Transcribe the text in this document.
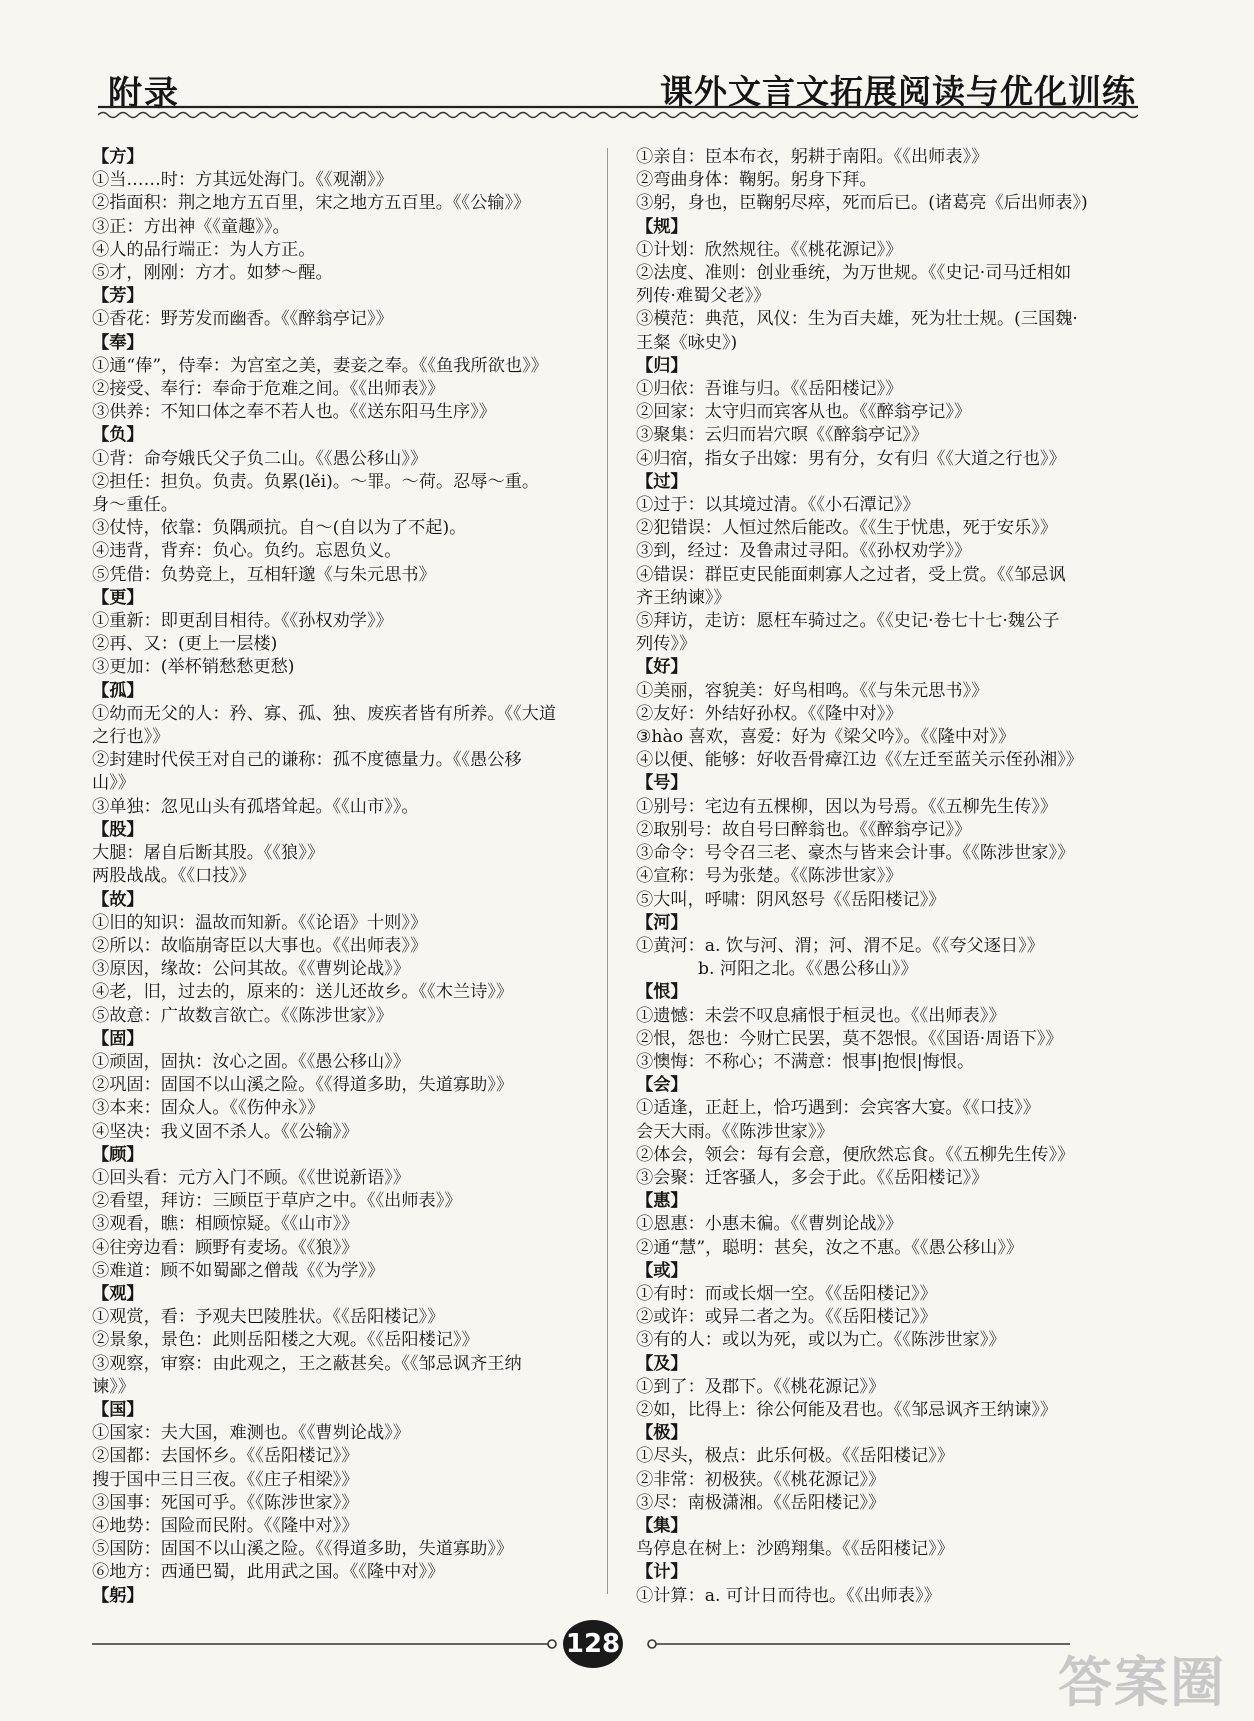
附录	课外文言文拓展阅读与优化训练
【方】
①当……时：方其远处海门。《《观潮》》
②指面积：荆之地方五百里，宋之地方五百里。《《公输》》
③正：方出神《《童趣》》。
④人的品行端正：为人方正。
⑤才，刚刚：方才。如梦～醒。
【芳】
①香花：野芳发而幽香。《《醉翁亭记》》
【奉】
①通“俸”，侍奉：为宫室之美，妻妾之奉。《《鱼我所欲也》》
②接受、奉行：奉命于危难之间。《《出师表》》
③供养：不知口体之奉不若人也。《《送东阳马生序》》
【负】
①背：命夸娥氏父子负二山。《《愚公移山》》
②担任：担负。负责。负累(lěi)。～罪。～荷。忍辱～重。
身～重任。
③仗恃，依靠：负隅顽抗。自～(自以为了不起)。
④违背，背弃：负心。负约。忘恩负义。
⑤凭借：负势竞上，互相轩邈《与朱元思书》
【更】
①重新：即更刮目相待。《《孙权劝学》》
②再、又：(更上一层楼)
③更加：(举杯销愁愁更愁)
【孤】
①幼而无父的人：矜、寡、孤、独、废疾者皆有所养。《《大道
之行也》》
②封建时代侯王对自己的谦称：孤不度德量力。《《愚公移
山》》
③单独：忽见山头有孤塔耸起。《《山市》》。
【股】
大腿：屠自后断其股。《《狼》》
两股战战。《《口技》》
【故】
①旧的知识：温故而知新。《《论语》十则》》
②所以：故临崩寄臣以大事也。《《出师表》》
③原因，缘故：公问其故。《《曹刿论战》》
④老，旧，过去的，原来的：送儿还故乡。《《木兰诗》》
⑤故意：广故数言欲亡。《《陈涉世家》》
【固】
①顽固，固执：汝心之固。《《愚公移山》》
②巩固：固国不以山溪之险。《《得道多助，失道寡助》》
③本来：固众人。《《伤仲永》》
④坚决：我义固不杀人。《《公输》》
【顾】
①回头看：元方入门不顾。《《世说新语》》
②看望，拜访：三顾臣于草庐之中。《《出师表》》
③观看，瞧：相顾惊疑。《《山市》》
④往旁边看：顾野有麦场。《《狼》》
⑤难道：顾不如蜀鄙之僧哉《《为学》》
【观】
①观赏，看：予观夫巴陵胜状。《《岳阳楼记》》
②景象，景色：此则岳阳楼之大观。《《岳阳楼记》》
③观察，审察：由此观之，王之蔽甚矣。《《邹忌讽齐王纳
谏》》
【国】
①国家：夫大国，难测也。《《曹刿论战》》
②国都：去国怀乡。《《岳阳楼记》》
搜于国中三日三夜。《《庄子相梁》》
③国事：死国可乎。《《陈涉世家》》
④地势：国险而民附。《《隆中对》》
⑤国防：固国不以山溪之险。《《得道多助，失道寡助》》
⑥地方：西通巴蜀，此用武之国。《《隆中对》》
【躬】
①亲自：臣本布衣，躬耕于南阳。《《出师表》》
②弯曲身体：鞠躬。躬身下拜。
③躬，身也，臣鞠躬尽瘁，死而后已。(诸葛亮《后出师表》)
【规】
①计划：欣然规往。《《桃花源记》》
②法度、准则：创业垂统，为万世规。《《史记·司马迁相如
列传·难蜀父老》》
③模范：典范，风仪：生为百夫雄，死为壮士规。(三国魏·
王粲《咏史》)
【归】
①归依：吾谁与归。《《岳阳楼记》》
②回家：太守归而宾客从也。《《醉翁亭记》》
③聚集：云归而岩穴暝《《醉翁亭记》》
④归宿，指女子出嫁：男有分，女有归《《大道之行也》》
【过】
①过于：以其境过清。《《小石潭记》》
②犯错误：人恒过然后能改。《《生于忧患，死于安乐》》
③到，经过：及鲁肃过寻阳。《《孙权劝学》》
④错误：群臣吏民能面刺寡人之过者，受上赏。《《邹忌讽
齐王纳谏》》
⑤拜访，走访：愿枉车骑过之。《《史记·卷七十七·魏公子
列传》》
【好】
①美丽，容貌美：好鸟相鸣。《《与朱元思书》》
②友好：外结好孙权。《《隆中对》》
③hào 喜欢，喜爱：好为《梁父吟》。《《隆中对》》
④以便、能够：好收吾骨瘴江边《《左迁至蓝关示侄孙湘》》
【号】
①别号：宅边有五棵柳，因以为号焉。《《五柳先生传》》
②取别号：故自号曰醉翁也。《《醉翁亭记》》
③命令：号令召三老、豪杰与皆来会计事。《《陈涉世家》》
④宣称：号为张楚。《《陈涉世家》》
⑤大叫，呼啸：阴风怒号《《岳阳楼记》》
【河】
①黄河：a. 饮与河、渭；河、渭不足。《《夸父逐日》》
b. 河阳之北。《《愚公移山》》
【恨】
①遗憾：未尝不叹息痛恨于桓灵也。《《出师表》》
②恨，怨也：今财亡民罢，莫不怨恨。《《国语·周语下》》
③懊悔：不称心；不满意：恨事|抱恨|悔恨。
【会】
①适逢，正赶上，恰巧遇到：会宾客大宴。《《口技》》
会天大雨。《《陈涉世家》》
②体会，领会：每有会意，便欣然忘食。《《五柳先生传》》
③会聚：迁客骚人，多会于此。《《岳阳楼记》》
【惠】
①恩惠：小惠未徧。《《曹刿论战》》
②通“慧”，聪明：甚矣，汝之不惠。《《愚公移山》》
【或】
①有时：而或长烟一空。《《岳阳楼记》》
②或许：或异二者之为。《《岳阳楼记》》
③有的人：或以为死，或以为亡。《《陈涉世家》》
【及】
①到了：及郡下。《《桃花源记》》
②如，比得上：徐公何能及君也。《《邹忌讽齐王纳谏》》
【极】
①尽头，极点：此乐何极。《《岳阳楼记》》
②非常：初极狭。《《桃花源记》》
③尽：南极潇湘。《《岳阳楼记》》
【集】
鸟停息在树上：沙鸥翔集。《《岳阳楼记》》
【计】
①计算：a. 可计日而待也。《《出师表》》
128
答案圈
